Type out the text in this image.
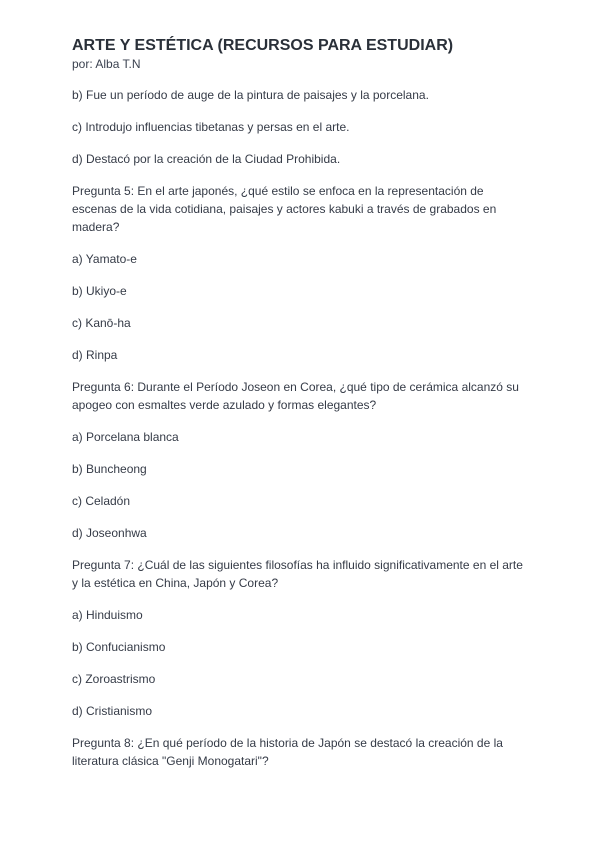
ARTE Y ESTÉTICA (RECURSOS PARA ESTUDIAR)

por: Alba T.N

b) Fue un período de auge de la pintura de paisajes y la porcelana.

c) Introdujo influencias tibetanas y persas en el arte.

d) Destacó por la creación de la Ciudad Prohibida.

Pregunta 5: En el arte japonés, ¿qué estilo se enfoca en la representación de escenas de la vida cotidiana, paisajes y actores kabuki a través de grabados en madera?

a) Yamato-e

b) Ukiyo-e

c) Kanō-ha

d) Rinpa

Pregunta 6: Durante el Período Joseon en Corea, ¿qué tipo de cerámica alcanzó su apogeo con esmaltes verde azulado y formas elegantes?

a) Porcelana blanca

b) Buncheong

c) Celadón

d) Joseonhwa

Pregunta 7: ¿Cuál de las siguientes filosofías ha influido significativamente en el arte y la estética en China, Japón y Corea?

a) Hinduismo

b) Confucianismo

c) Zoroastrismo

d) Cristianismo

Pregunta 8: ¿En qué período de la historia de Japón se destacó la creación de la literatura clásica "Genji Monogatari"?
